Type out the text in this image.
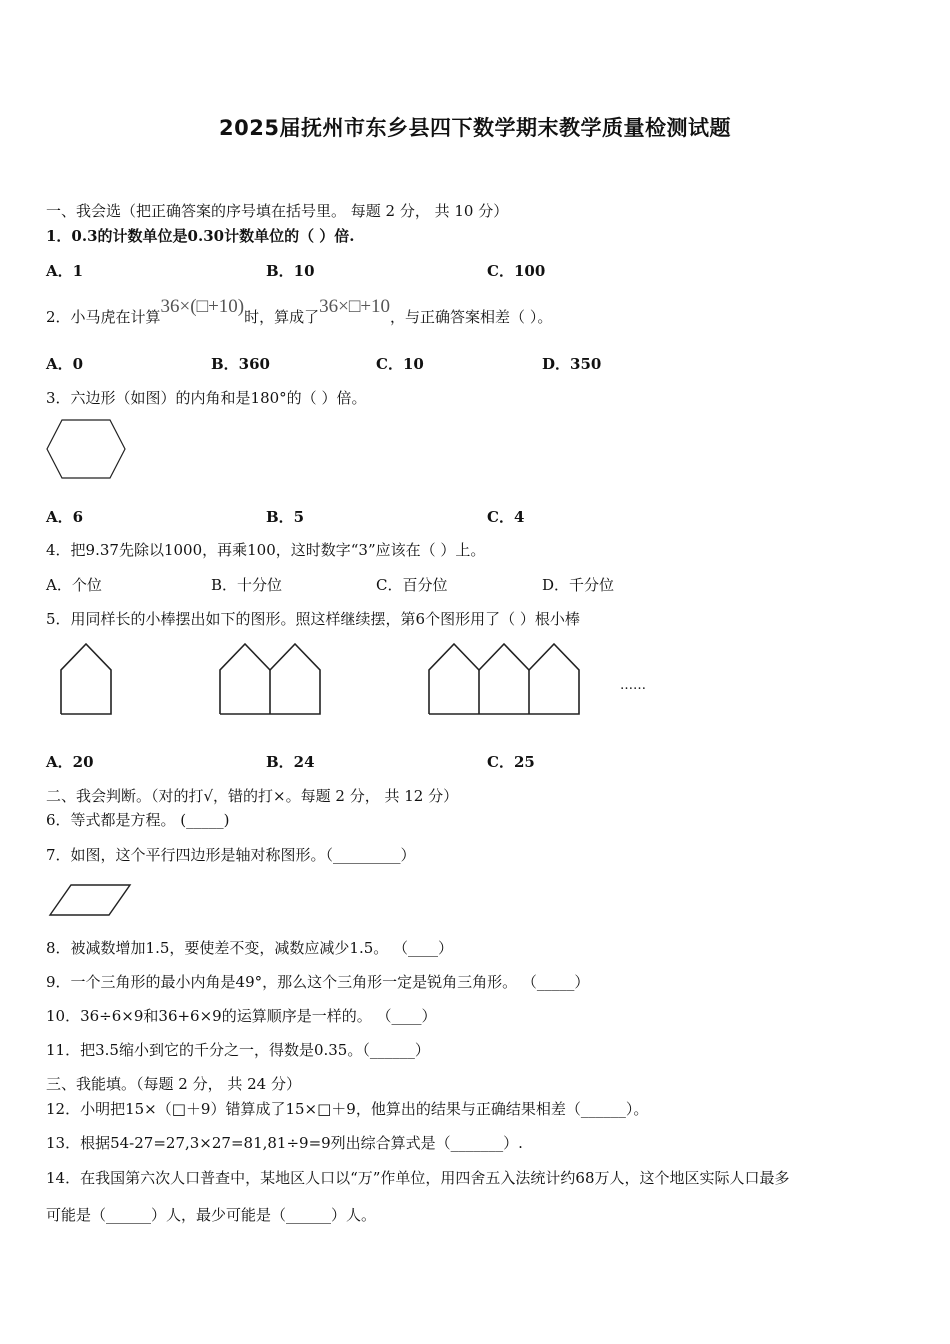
2025届抚州市东乡县四下数学期末教学质量检测试题
一、我会选（把正确答案的序号填在括号里。 每题 2 分， 共 10 分）
1．0.3的计数单位是0.30计数单位的（ ）倍.
A．1	B．10	C．100
2．小马虎在计算36×(□+10)时，算成了36×□+10，与正确答案相差（ ）。
A．0	B．360	C．10	D．350
3．六边形（如图）的内角和是180°的（ ）倍。
A．6	B．5	C．4
4．把9.37先除以1000，再乘100，这时数字“3”应该在（ ）上。
A．个位	B．十分位	C．百分位	D．千分位
5．用同样长的小棒摆出如下的图形。照这样继续摆，第6个图形用了（ ）根小棒
……
A．20	B．24	C．25
二、我会判断。（对的打√，错的打×。每题 2 分， 共 12 分）
6．等式都是方程。 (_____)
7．如图，这个平行四边形是轴对称图形。（_________）
8．被减数增加1.5，要使差不变，减数应减少1.5。 （____）
9．一个三角形的最小内角是49°，那么这个三角形一定是锐角三角形。 （_____）
10．36÷6×9和36+6×9的运算顺序是一样的。 （____）
11．把3.5缩小到它的千分之一，得数是0.35。（______）
三、我能填。（每题 2 分， 共 24 分）
12．小明把15×（□＋9）错算成了15×□＋9，他算出的结果与正确结果相差（______）。
13．根据54-27=27,3×27=81,81÷9=9列出综合算式是（_______）.
14．在我国第六次人口普查中，某地区人口以“万”作单位，用四舍五入法统计约68万人，这个地区实际人口最多
可能是（______）人，最少可能是（______）人。
